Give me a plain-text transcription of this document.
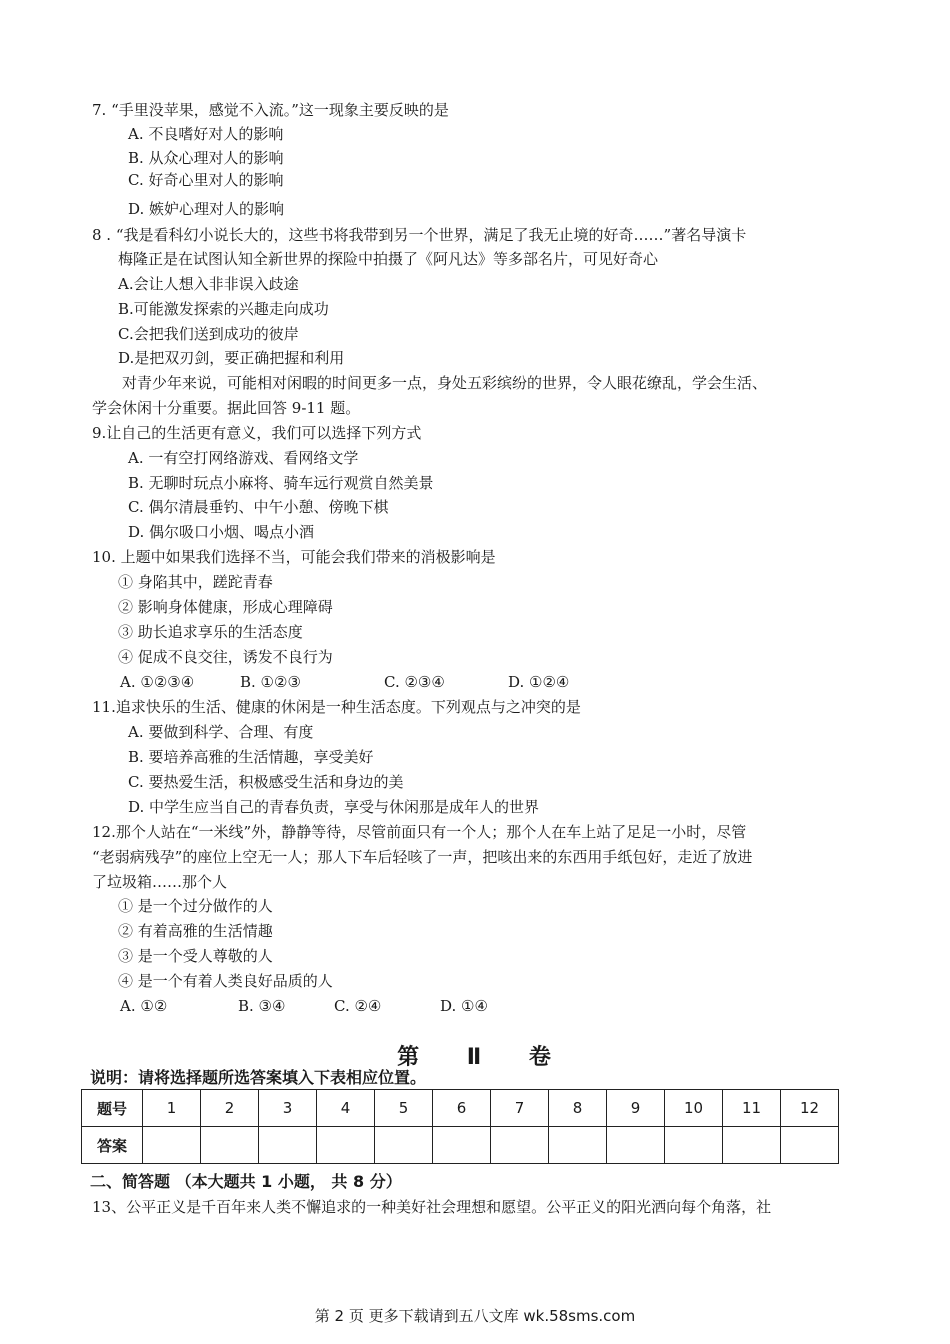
7. “手里没苹果，感觉不入流。”这一现象主要反映的是
A. 不良嗜好对人的影响
B. 从众心理对人的影响
C. 好奇心里对人的影响
D. 嫉妒心理对人的影响
8 . “我是看科幻小说长大的，这些书将我带到另一个世界，满足了我无止境的好奇……”著名导演卡
梅隆正是在试图认知全新世界的探险中拍摄了《阿凡达》等多部名片，可见好奇心
A.会让人想入非非误入歧途
B.可能激发探索的兴趣走向成功
C.会把我们送到成功的彼岸
D.是把双刃剑，要正确把握和利用
对青少年来说，可能相对闲暇的时间更多一点，身处五彩缤纷的世界，令人眼花缭乱，学会生活、
学会休闲十分重要。据此回答 9-11 题。
9.让自己的生活更有意义，我们可以选择下列方式
A. 一有空打网络游戏、看网络文学
B. 无聊时玩点小麻将、骑车远行观赏自然美景
C. 偶尔清晨垂钓、中午小憩、傍晚下棋
D. 偶尔吸口小烟、喝点小酒
10. 上题中如果我们选择不当，可能会我们带来的消极影响是
① 身陷其中，蹉跎青春
② 影响身体健康，形成心理障碍
③ 助长追求享乐的生活态度
④ 促成不良交往，诱发不良行为
A. ①②③④	B. ①②③	C. ②③④	D. ①②④
11.追求快乐的生活、健康的休闲是一种生活态度。下列观点与之冲突的是
A. 要做到科学、合理、有度
B. 要培养高雅的生活情趣，享受美好
C. 要热爱生活，积极感受生活和身边的美
D. 中学生应当自己的青春负责，享受与休闲那是成年人的世界
12.那个人站在“一米线”外，静静等待，尽管前面只有一个人；那个人在车上站了足足一小时，尽管
“老弱病残孕”的座位上空无一人；那人下车后轻咳了一声，把咳出来的东西用手纸包好，走近了放进
了垃圾箱……那个人
① 是一个过分做作的人
② 有着高雅的生活情趣
③ 是一个受人尊敬的人
④ 是一个有着人类良好品质的人
A. ①②	B. ③④	C. ②④	D. ①④
第 Ⅱ 卷
说明：请将选择题所选答案填入下表相应位置。
题号	1	2	3	4	5	6	7	8	9	10	11	12
答案												
二、简答题 （本大题共 1 小题， 共 8 分）
13、公平正义是千百年来人类不懈追求的一种美好社会理想和愿望。公平正义的阳光洒向每个角落，社
第 2 页 更多下载请到五八文库 wk.58sms.com
